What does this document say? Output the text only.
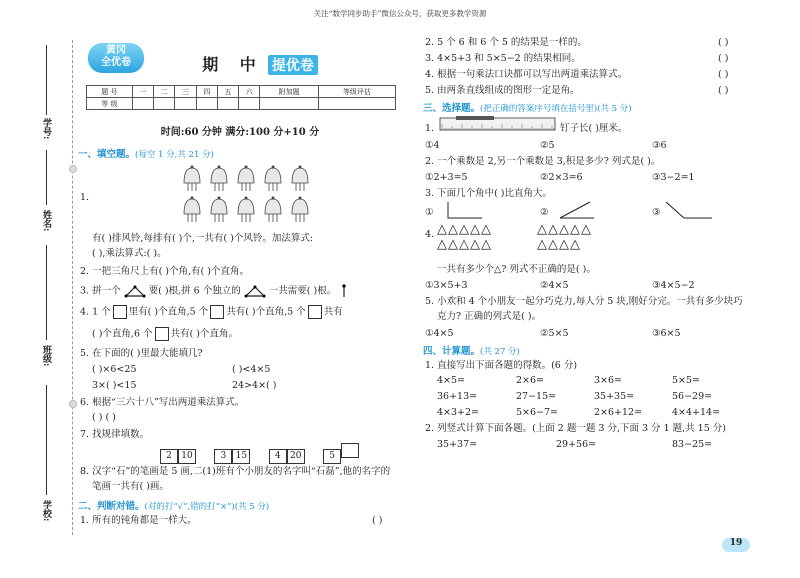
关注“数学同步助手”微信公众号，获取更多教学资源
学号:
姓名:
班级:
学校:
黄冈
全优卷	期 中 提优卷
题 号	一	二	三	四	五	六	附加题	等级评估
等 级								
时间:60 分钟 满分:100 分+10 分
一、填空题。(每空 1 分,共 21 分)
1.
有( )排风铃,每排有( )个,一共有( )个风铃。加法算式:
( ),乘法算式:( )。
2. 一把三角尺上有( )个角,有( )个直角。
3. 拼一个	要( )根,拼 6 个独立的	一共需要( )根。
4. 1 个 里有( )个直角,5 个 共有( )个直角,5 个 共有
( )个直角,6 个 共有( )个直角。
5. 在下面的( )里最大能填几?
( )×6<25	( )<4×5
3×( )<15	24>4×( )
6. 根据“三六十八”写出两道乘法算式。
( ) ( )
7. 找规律填数。
2 10	3 15	4 20	5
8. 汉字“石”的笔画是 5 画,二(1)班有个小朋友的名字叫“石磊”,他的名字的
笔画一共有( )画。
二、判断对错。(对的打“√”,错的打“×”)(共 5 分)
1. 所有的钝角都是一样大。	( )
2. 5 个 6 和 6 个 5 的结果是一样的。	( )
3. 4×5+3 和 5×5−2 的结果相同。	( )
4. 根据一句乘法口诀都可以写出两道乘法算式。	( )
5. 由两条直线组成的图形一定是角。	( )
三、选择题。(把正确的答案序号填在括号里)(共 5 分)
1.	钉子长( )厘米。
①4	②5	③6
2. 一个乘数是 2,另一个乘数是 3,积是多少? 列式是( )。
①2+3=5	②2×3=6	③3−2=1
3. 下面几个角中( )比直角大。
①	②	③
4. △△△△△
△△△△△
△△△△△
△△△△
一共有多少个△? 列式不正确的是( )。
①3×5+3	②4×5	③4×5−2
5. 小欢和 4 个小朋友一起分巧克力,每人分 5 块,刚好分完。一共有多少块巧
克力? 正确的列式是( )。
①4×5	②5×5	③6×5
四、计算题。(共 27 分)
1. 直接写出下面各题的得数。(6 分)
4×5=	2×6=	3×6=	5×5=
36+13=	27−15=	35+35=	56−29=
4×3+2=	5×6−7=	2×6+12=	4×4+14=
2. 列竖式计算下面各题。(上面 2 题一题 3 分,下面 3 分 1 题,共 15 分)
35+37=	29+56=	83−25=
19
